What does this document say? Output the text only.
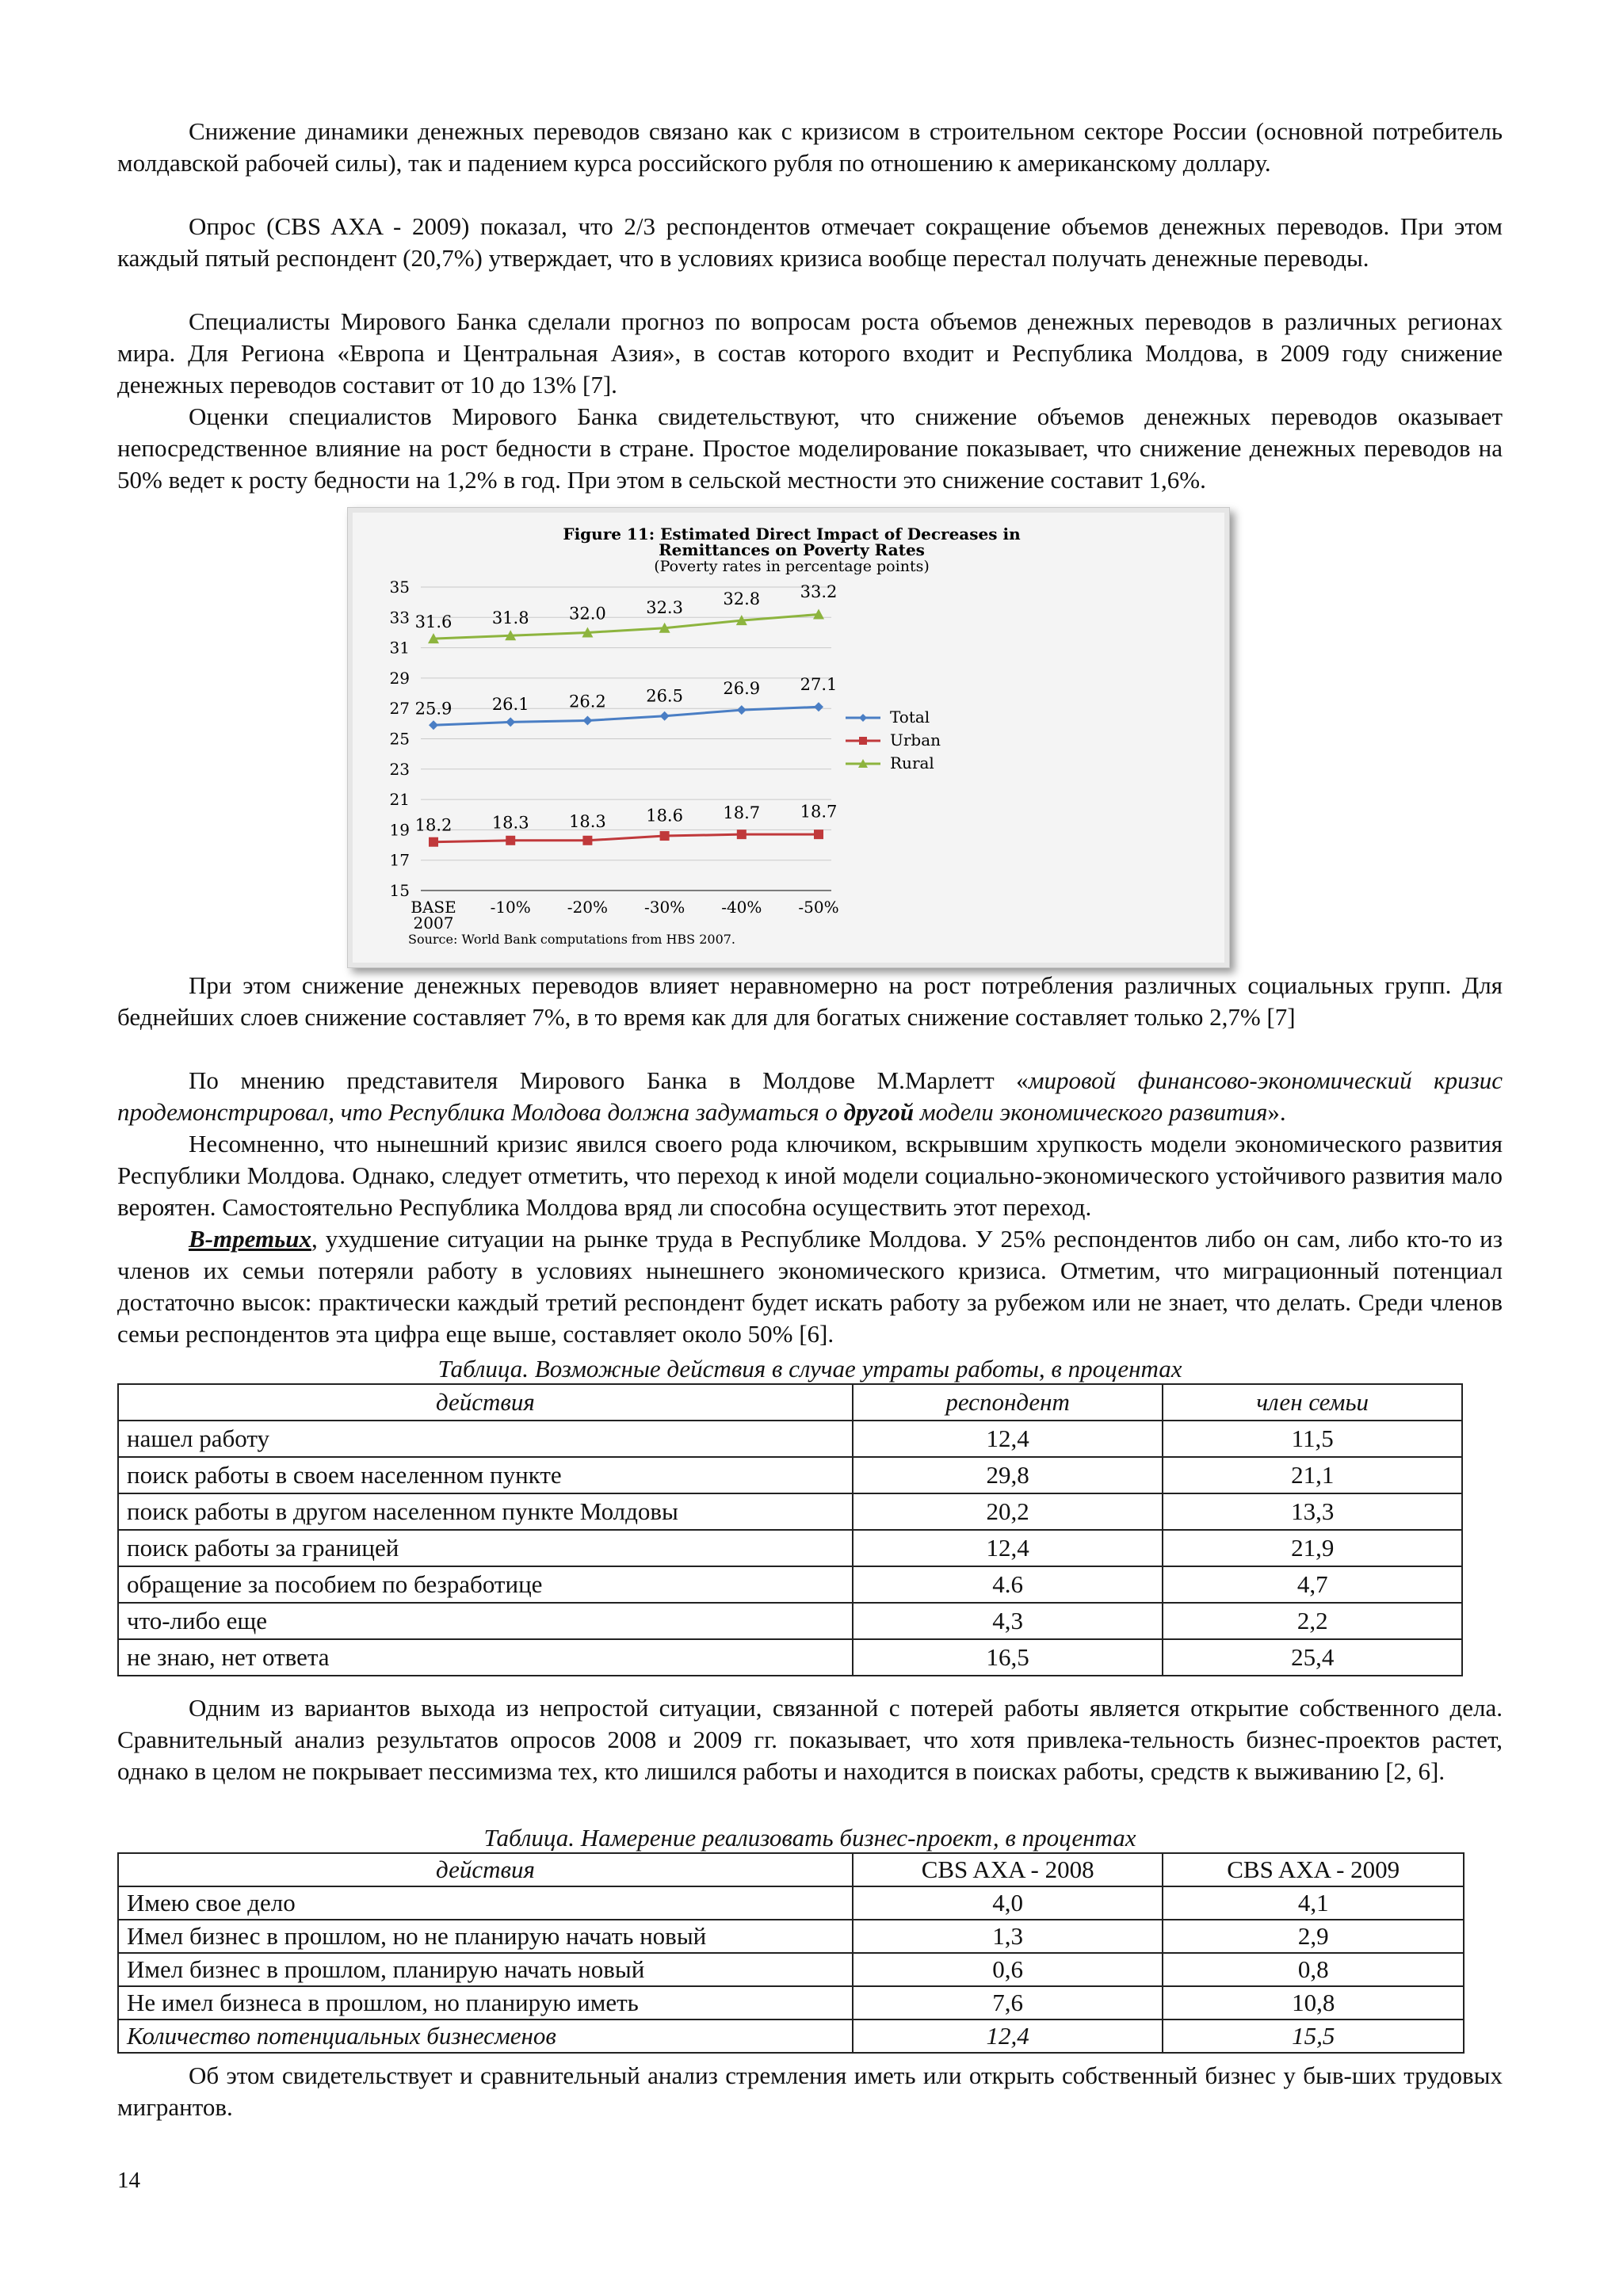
Снижение динамики денежных переводов связано как с кризисом в строительном секторе России (основной потребитель молдавской рабочей силы), так и падением курса российского рубля по отношению к американскому доллару.

Опрос (CBS AXA - 2009) показал, что 2/3 респондентов отмечает сокращение объемов денежных переводов. При этом каждый пятый респондент (20,7%) утверждает, что в условиях кризиса вообще перестал получать денежные переводы.

Специалисты Мирового Банка сделали прогноз по вопросам роста объемов денежных переводов в различных регионах мира. Для Региона «Европа и Центральная Азия», в состав которого входит и Республика Молдова, в 2009 году снижение денежных переводов составит от 10 до 13% [7].

Оценки специалистов Мирового Банка свидетельствуют, что снижение объемов денежных переводов оказывает непосредственное влияние на рост бедности в стране. Простое моделирование показывает, что снижение денежных переводов на 50% ведет к росту бедности на 1,2% в год. При этом в сельской местности это снижение составит 1,6%.

Figure 11: Estimated Direct Impact of Decreases in
Remittances on Poverty Rates
(Poverty rates in percentage points)
15
17
19
21
23
25
27
29
31
33
35
BASE
2007
-10% -20% -30% -40% -50%
25.9 26.1 26.2 26.5 26.9 27.1
18.2 18.3 18.3 18.6 18.7 18.7
31.6 31.8 32.0 32.3 32.8 33.2
Total
Urban
Rural
Source: World Bank computations from HBS 2007.

При этом снижение денежных переводов влияет неравномерно на рост потребления различных социальных групп. Для беднейших слоев снижение составляет 7%, в то время как для для богатых снижение составляет только 2,7% [7]

По мнению представителя Мирового Банка в Молдове М.Марлетт «мировой финансово-экономический кризис продемонстрировал, что Республика Молдова должна задуматься о другой модели экономического развития».

Несомненно, что нынешний кризис явился своего рода ключиком, вскрывшим хрупкость модели экономического развития Республики Молдова. Однако, следует отметить, что переход к иной модели социально-экономического устойчивого развития мало вероятен. Самостоятельно Республика Молдова вряд ли способна осуществить этот переход.

В-третьих, ухудшение ситуации на рынке труда в Республике Молдова. У 25% респондентов либо он сам, либо кто-то из членов их семьи потеряли работу в условиях нынешнего экономического кризиса. Отметим, что миграционный потенциал достаточно высок: практически каждый третий респондент будет искать работу за рубежом или не знает, что делать. Среди членов семьи респондентов эта цифра еще выше, составляет около 50% [6].

Таблица. Возможные действия в случае утраты работы, в процентах

действия	респондент	член семьи
нашел работу	12,4	11,5
поиск работы в своем населенном пункте	29,8	21,1
поиск работы в другом населенном пункте Молдовы	20,2	13,3
поиск работы за границей	12,4	21,9
обращение за пособием по безработице	4.6	4,7
что-либо еще	4,3	2,2
не знаю, нет ответа	16,5	25,4

Одним из вариантов выхода из непростой ситуации, связанной с потерей работы является открытие собственного дела. Сравнительный анализ результатов опросов 2008 и 2009 гг. показывает, что хотя привлека-тельность бизнес-проектов растет, однако в целом не покрывает пессимизма тех, кто лишился работы и находится в поисках работы, средств к выживанию [2, 6].

Таблица. Намерение реализовать бизнес-проект, в процентах

действия	CBS AXA - 2008	CBS AXA - 2009
Имею свое дело	4,0	4,1
Имел бизнес в прошлом, но не планирую начать новый	1,3	2,9
Имел бизнес в прошлом, планирую начать новый	0,6	0,8
Не имел бизнеса в прошлом, но планирую иметь	7,6	10,8
Количество потенциальных бизнесменов	12,4	15,5

Об этом свидетельствует и сравнительный анализ стремления иметь или открыть собственный бизнес у быв-ших трудовых мигрантов.

14
